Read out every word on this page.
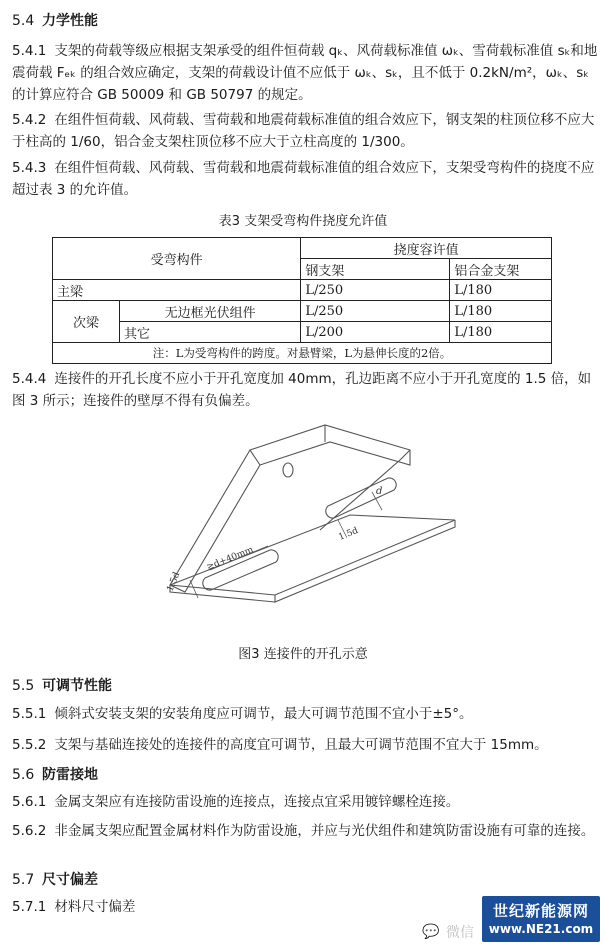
5.4 力学性能
5.4.1 支架的荷载等级应根据支架承受的组件恒荷载 qₖ、风荷载标准值 ωₖ、雪荷载标准值 sₖ和地震荷载 Fₑₖ 的组合效应确定，支架的荷载设计值不应低于 ωₖ、sₖ，且不低于 0.2kN/m²，ωₖ、sₖ的计算应符合 GB 50009 和 GB 50797 的规定。
5.4.2 在组件恒荷载、风荷载、雪荷载和地震荷载标准值的组合效应下，钢支架的柱顶位移不应大于柱高的 1/60，铝合金支架柱顶位移不应大于立柱高度的 1/300。
5.4.3 在组件恒荷载、风荷载、雪荷载和地震荷载标准值的组合效应下，支架受弯构件的挠度不应超过表 3 的允许值。
表3 支架受弯构件挠度允许值
受弯构件		挠度容许值	
		钢支架	铝合金支架
主梁		L/250	L/180
次梁	无边框光伏组件	L/250	L/180
	其它	L/200	L/180
注：L为受弯构件的跨度。对悬臂梁，L为悬伸长度的2倍。			
5.4.4 连接件的开孔长度不应小于开孔宽度加 40mm，孔边距离不应小于开孔宽度的 1.5 倍，如图 3 所示；连接件的壁厚不得有负偏差。
d
1.5d
1.5d
≥d+40mm
图3 连接件的开孔示意
5.5 可调节性能
5.5.1 倾斜式安装支架的安装角度应可调节，最大可调节范围不宜小于±5°。
5.5.2 支架与基础连接处的连接件的高度宜可调节，且最大可调节范围不宜大于 15mm。
5.6 防雷接地
5.6.1 金属支架应有连接防雷设施的连接点，连接点宜采用镀锌螺栓连接。
5.6.2 非金属支架应配置金属材料作为防雷设施，并应与光伏组件和建筑防雷设施有可靠的连接。
5.7 尺寸偏差
5.7.1 材料尺寸偏差
💬 微信
世纪新能源网
www.NE21.com
